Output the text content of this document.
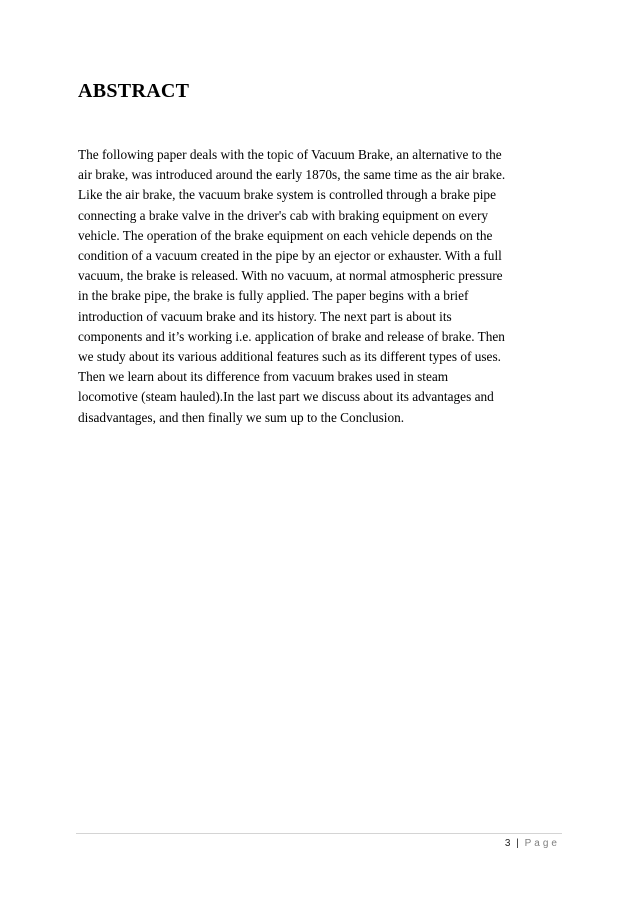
ABSTRACT

The following paper deals with the topic of Vacuum Brake, an alternative to the
air brake, was introduced around the early 1870s, the same time as the air brake.
Like the air brake, the vacuum brake system is controlled through a brake pipe
connecting a brake valve in the driver's cab with braking equipment on every
vehicle. The operation of the brake equipment on each vehicle depends on the
condition of a vacuum created in the pipe by an ejector or exhauster. With a full
vacuum, the brake is released. With no vacuum, at normal atmospheric pressure
in the brake pipe, the brake is fully applied. The paper begins with a brief
introduction of vacuum brake and its history. The next part is about its
components and it’s working i.e. application of brake and release of brake. Then
we study about its various additional features such as its different types of uses.
Then we learn about its difference from vacuum brakes used in steam
locomotive (steam hauled).In the last part we discuss about its advantages and
disadvantages, and then finally we sum up to the Conclusion.

3 | Page
